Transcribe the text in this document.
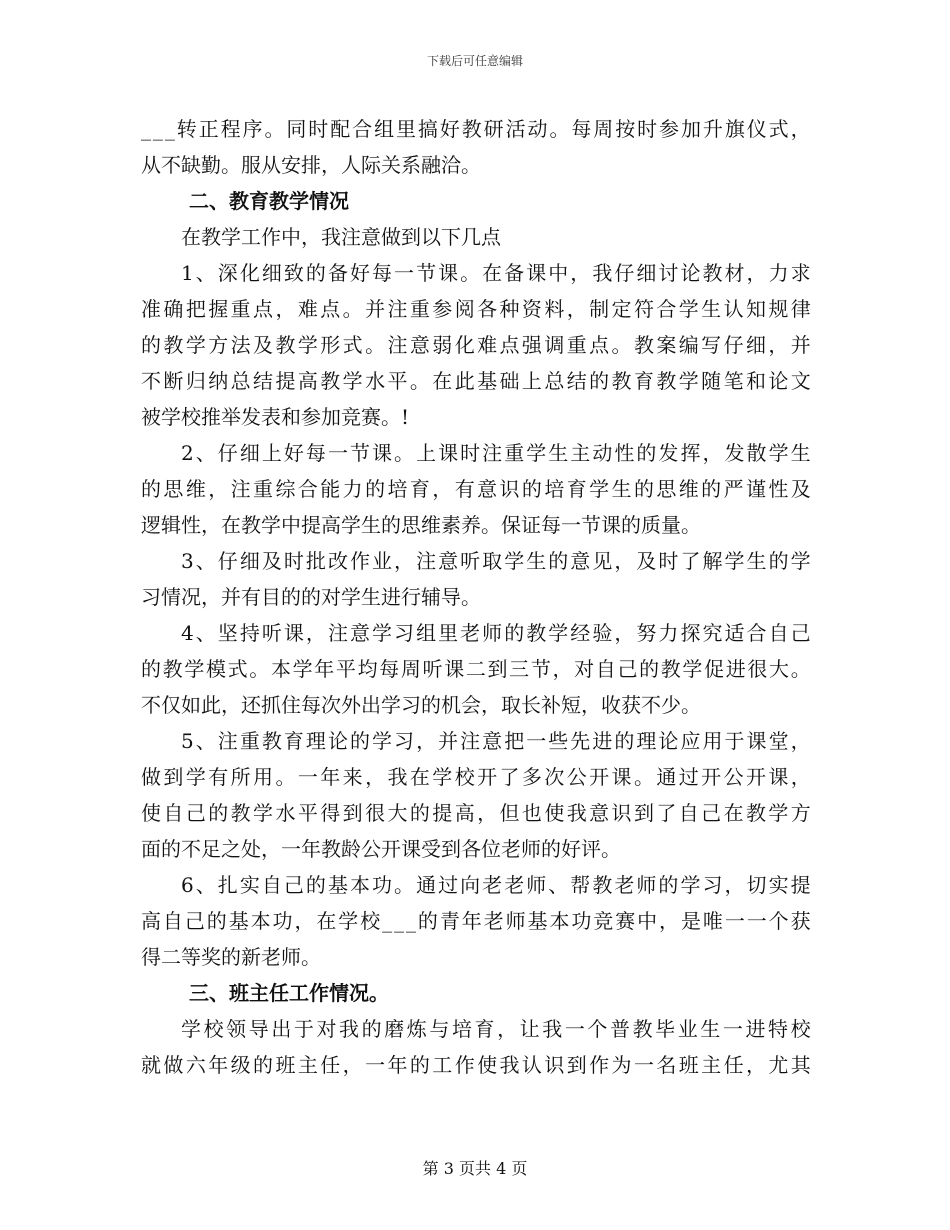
下载后可任意编辑
_ _ _ 转 正 程 序 。 同 时 配 合 组 里 搞 好 教 研 活 动 。 每 周 按 时 参 加 升 旗 仪 式 ，
从不缺勤。服从安排，人际关系融洽。
二、教育教学情况
在教学工作中，我注意做到以下几点
1 、 深 化 细 致 的 备 好 每 一 节 课 。 在 备 课 中 ， 我 仔 细 讨 论 教 材 ， 力 求
准 确 把 握 重 点 ， 难 点 。 并 注 重 参 阅 各 种 资 料 ， 制 定 符 合 学 生 认 知 规 律
的 教 学 方 法 及 教 学 形 式 。 注 意 弱 化 难 点 强 调 重 点 。 教 案 编 写 仔 细 ， 并
不 断 归 纳 总 结 提 高 教 学 水 平 。 在 此 基 础 上 总 结 的 教 育 教 学 随 笔 和 论 文
被学校推举发表和参加竞赛。!
2 、 仔 细 上 好 每 一 节 课 。 上 课 时 注 重 学 生 主 动 性 的 发 挥 ， 发 散 学 生
的 思 维 ， 注 重 综 合 能 力 的 培 育 ， 有 意 识 的 培 育 学 生 的 思 维 的 严 谨 性 及
逻辑性，在教学中提高学生的思维素养。保证每一节课的质量。
3 、 仔 细 及 时 批 改 作 业 ， 注 意 听 取 学 生 的 意 见 ， 及 时 了 解 学 生 的 学
习情况，并有目的的对学生进行辅导。
4 、 坚 持 听 课 ， 注 意 学 习 组 里 老 师 的 教 学 经 验 ， 努 力 探 究 适 合 自 己
的 教 学 模 式 。 本 学 年 平 均 每 周 听 课 二 到 三 节 ， 对 自 己 的 教 学 促 进 很 大 。
不仅如此，还抓住每次外出学习的机会，取长补短，收获不少。
5 、 注 重 教 育 理 论 的 学 习 ， 并 注 意 把 一 些 先 进 的 理 论 应 用 于 课 堂 ，
做 到 学 有 所 用 。 一 年 来 ， 我 在 学 校 开 了 多 次 公 开 课 。 通 过 开 公 开 课 ，
使 自 己 的 教 学 水 平 得 到 很 大 的 提 高 ， 但 也 使 我 意 识 到 了 自 己 在 教 学 方
面的不足之处，一年教龄公开课受到各位老师的好评。
6 、 扎 实 自 己 的 基 本 功 。 通 过 向 老 老 师 、 帮 教 老 师 的 学 习 ， 切 实 提
高 自 己 的 基 本 功 ， 在 学 校 _ _ _ 的 青 年 老 师 基 本 功 竞 赛 中 ， 是 唯 一 一 个 获
得二等奖的新老师。
三、班主任工作情况。
学 校 领 导 出 于 对 我 的 磨 炼 与 培 育 ， 让 我 一 个 普 教 毕 业 生 一 进 特 校
就 做 六 年 级 的 班 主 任 ， 一 年 的 工 作 使 我 认 识 到 作 为 一 名 班 主 任 ， 尤 其
第 3 页共 4 页
